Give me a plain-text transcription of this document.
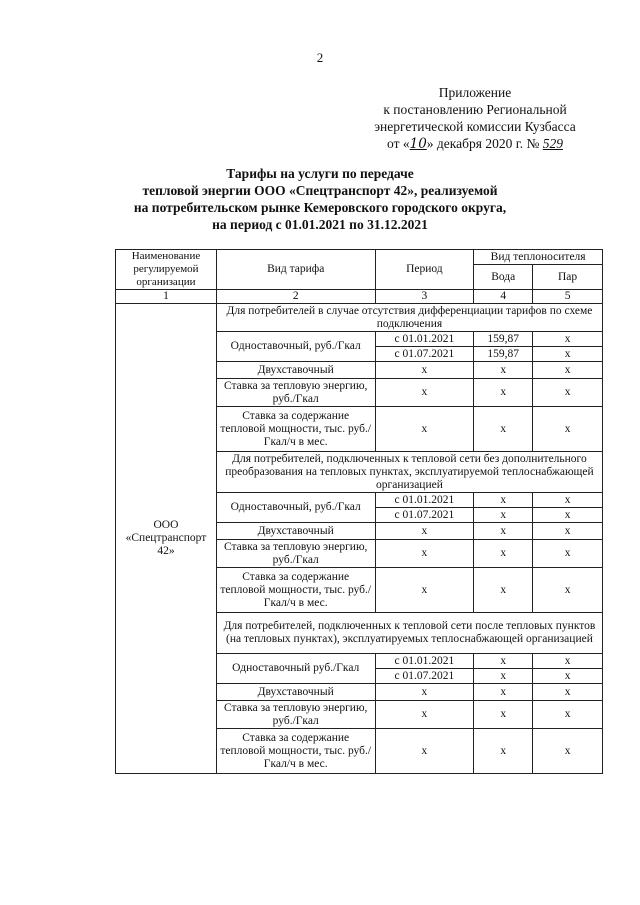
2
Приложение
к постановлению Региональной
энергетической комиссии Кузбасса
от «10» декабря 2020 г. № 529
Тарифы на услуги по передаче
тепловой энергии ООО «Спецтранспорт 42», реализуемой
на потребительском рынке Кемеровского городского округа,
на период с 01.01.2021 по 31.12.2021
Наименование регулируемой организации	Вид тарифа	Период	Вид теплоносителя	
			Вода	Пар
1	2	3	4	5
ООО «Спецтранспорт 42»	Для потребителей в случае отсутствия дифференциации тарифов по схеме подключения			
	Одноставочный, руб./Гкал	с 01.01.2021	159,87	х
		с 01.07.2021	159,87	х
	Двухставочный	х	х	х
	Ставка за тепловую энергию, руб./Гкал	х	х	х
	Ставка за содержание тепловой мощности, тыс. руб./Гкал/ч в мес.	х	х	х
	Для потребителей, подключенных к тепловой сети без дополнительного преобразования на тепловых пунктах, эксплуатируемой теплоснабжающей организацией			
	Одноставочный, руб./Гкал	с 01.01.2021	х	х
		с 01.07.2021	х	х
	Двухставочный	х	х	х
	Ставка за тепловую энергию, руб./Гкал	х	х	х
	Ставка за содержание тепловой мощности, тыс. руб./Гкал/ч в мес.	х	х	х
	Для потребителей, подключенных к тепловой сети после тепловых пунктов (на тепловых пунктах), эксплуатируемых теплоснабжающей организацией			
	Одноставочный руб./Гкал	с 01.01.2021	х	х
		с 01.07.2021	х	х
	Двухставочный	х	х	х
	Ставка за тепловую энергию, руб./Гкал	х	х	х
	Ставка за содержание тепловой мощности, тыс. руб./Гкал/ч в мес.	х	х	х
